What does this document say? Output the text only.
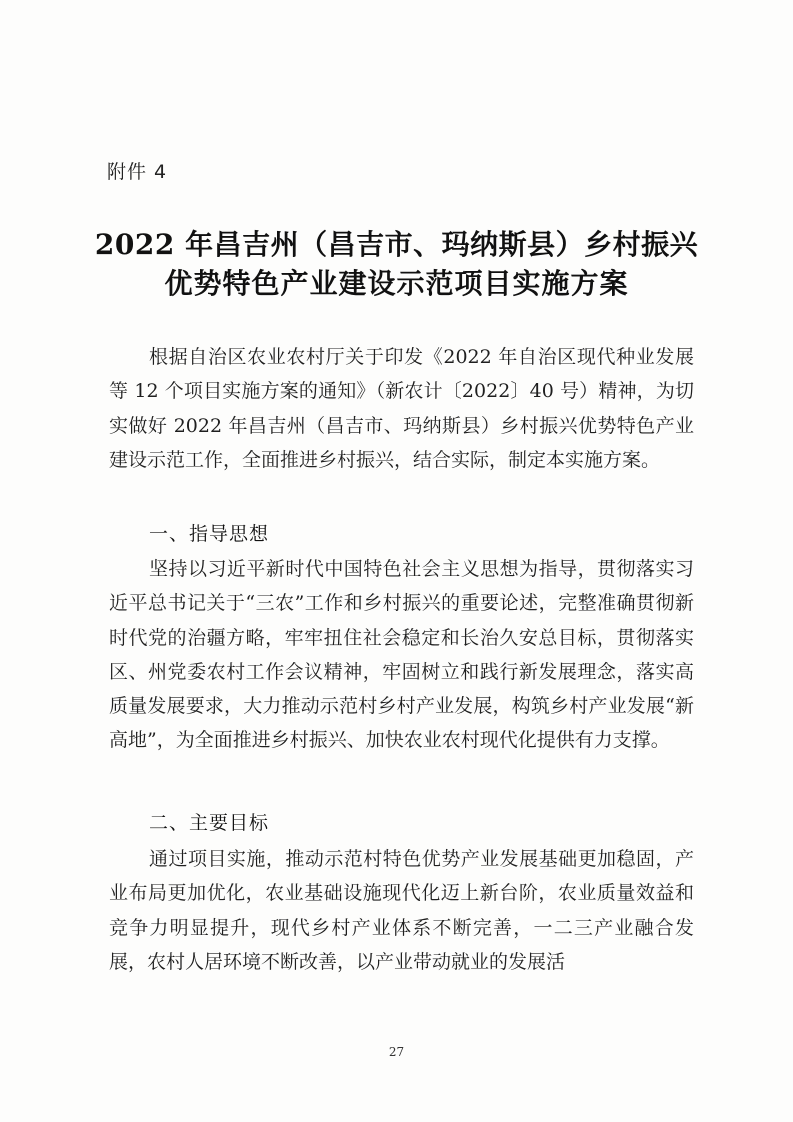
附件 4
2022 年昌吉州（昌吉市、玛纳斯县）乡村振兴
优势特色产业建设示范项目实施方案

根据自治区农业农村厅关于印发《2022 年自治区现代种业发展等 12 个项目实施方案的通知》（新农计〔2022〕40 号）精神，为切实做好 2022 年昌吉州（昌吉市、玛纳斯县）乡村振兴优势特色产业建设示范工作，全面推进乡村振兴，结合实际，制定本实施方案。

一、指导思想

坚持以习近平新时代中国特色社会主义思想为指导，贯彻落实习近平总书记关于“三农”工作和乡村振兴的重要论述，完整准确贯彻新时代党的治疆方略，牢牢扭住社会稳定和长治久安总目标，贯彻落实区、州党委农村工作会议精神，牢固树立和践行新发展理念，落实高质量发展要求，大力推动示范村乡村产业发展，构筑乡村产业发展“新高地”，为全面推进乡村振兴、加快农业农村现代化提供有力支撑。

二、主要目标

通过项目实施，推动示范村特色优势产业发展基础更加稳固，产业布局更加优化，农业基础设施现代化迈上新台阶，农业质量效益和竞争力明显提升，现代乡村产业体系不断完善，一二三产业融合发展，农村人居环境不断改善，以产业带动就业的发展活

27
